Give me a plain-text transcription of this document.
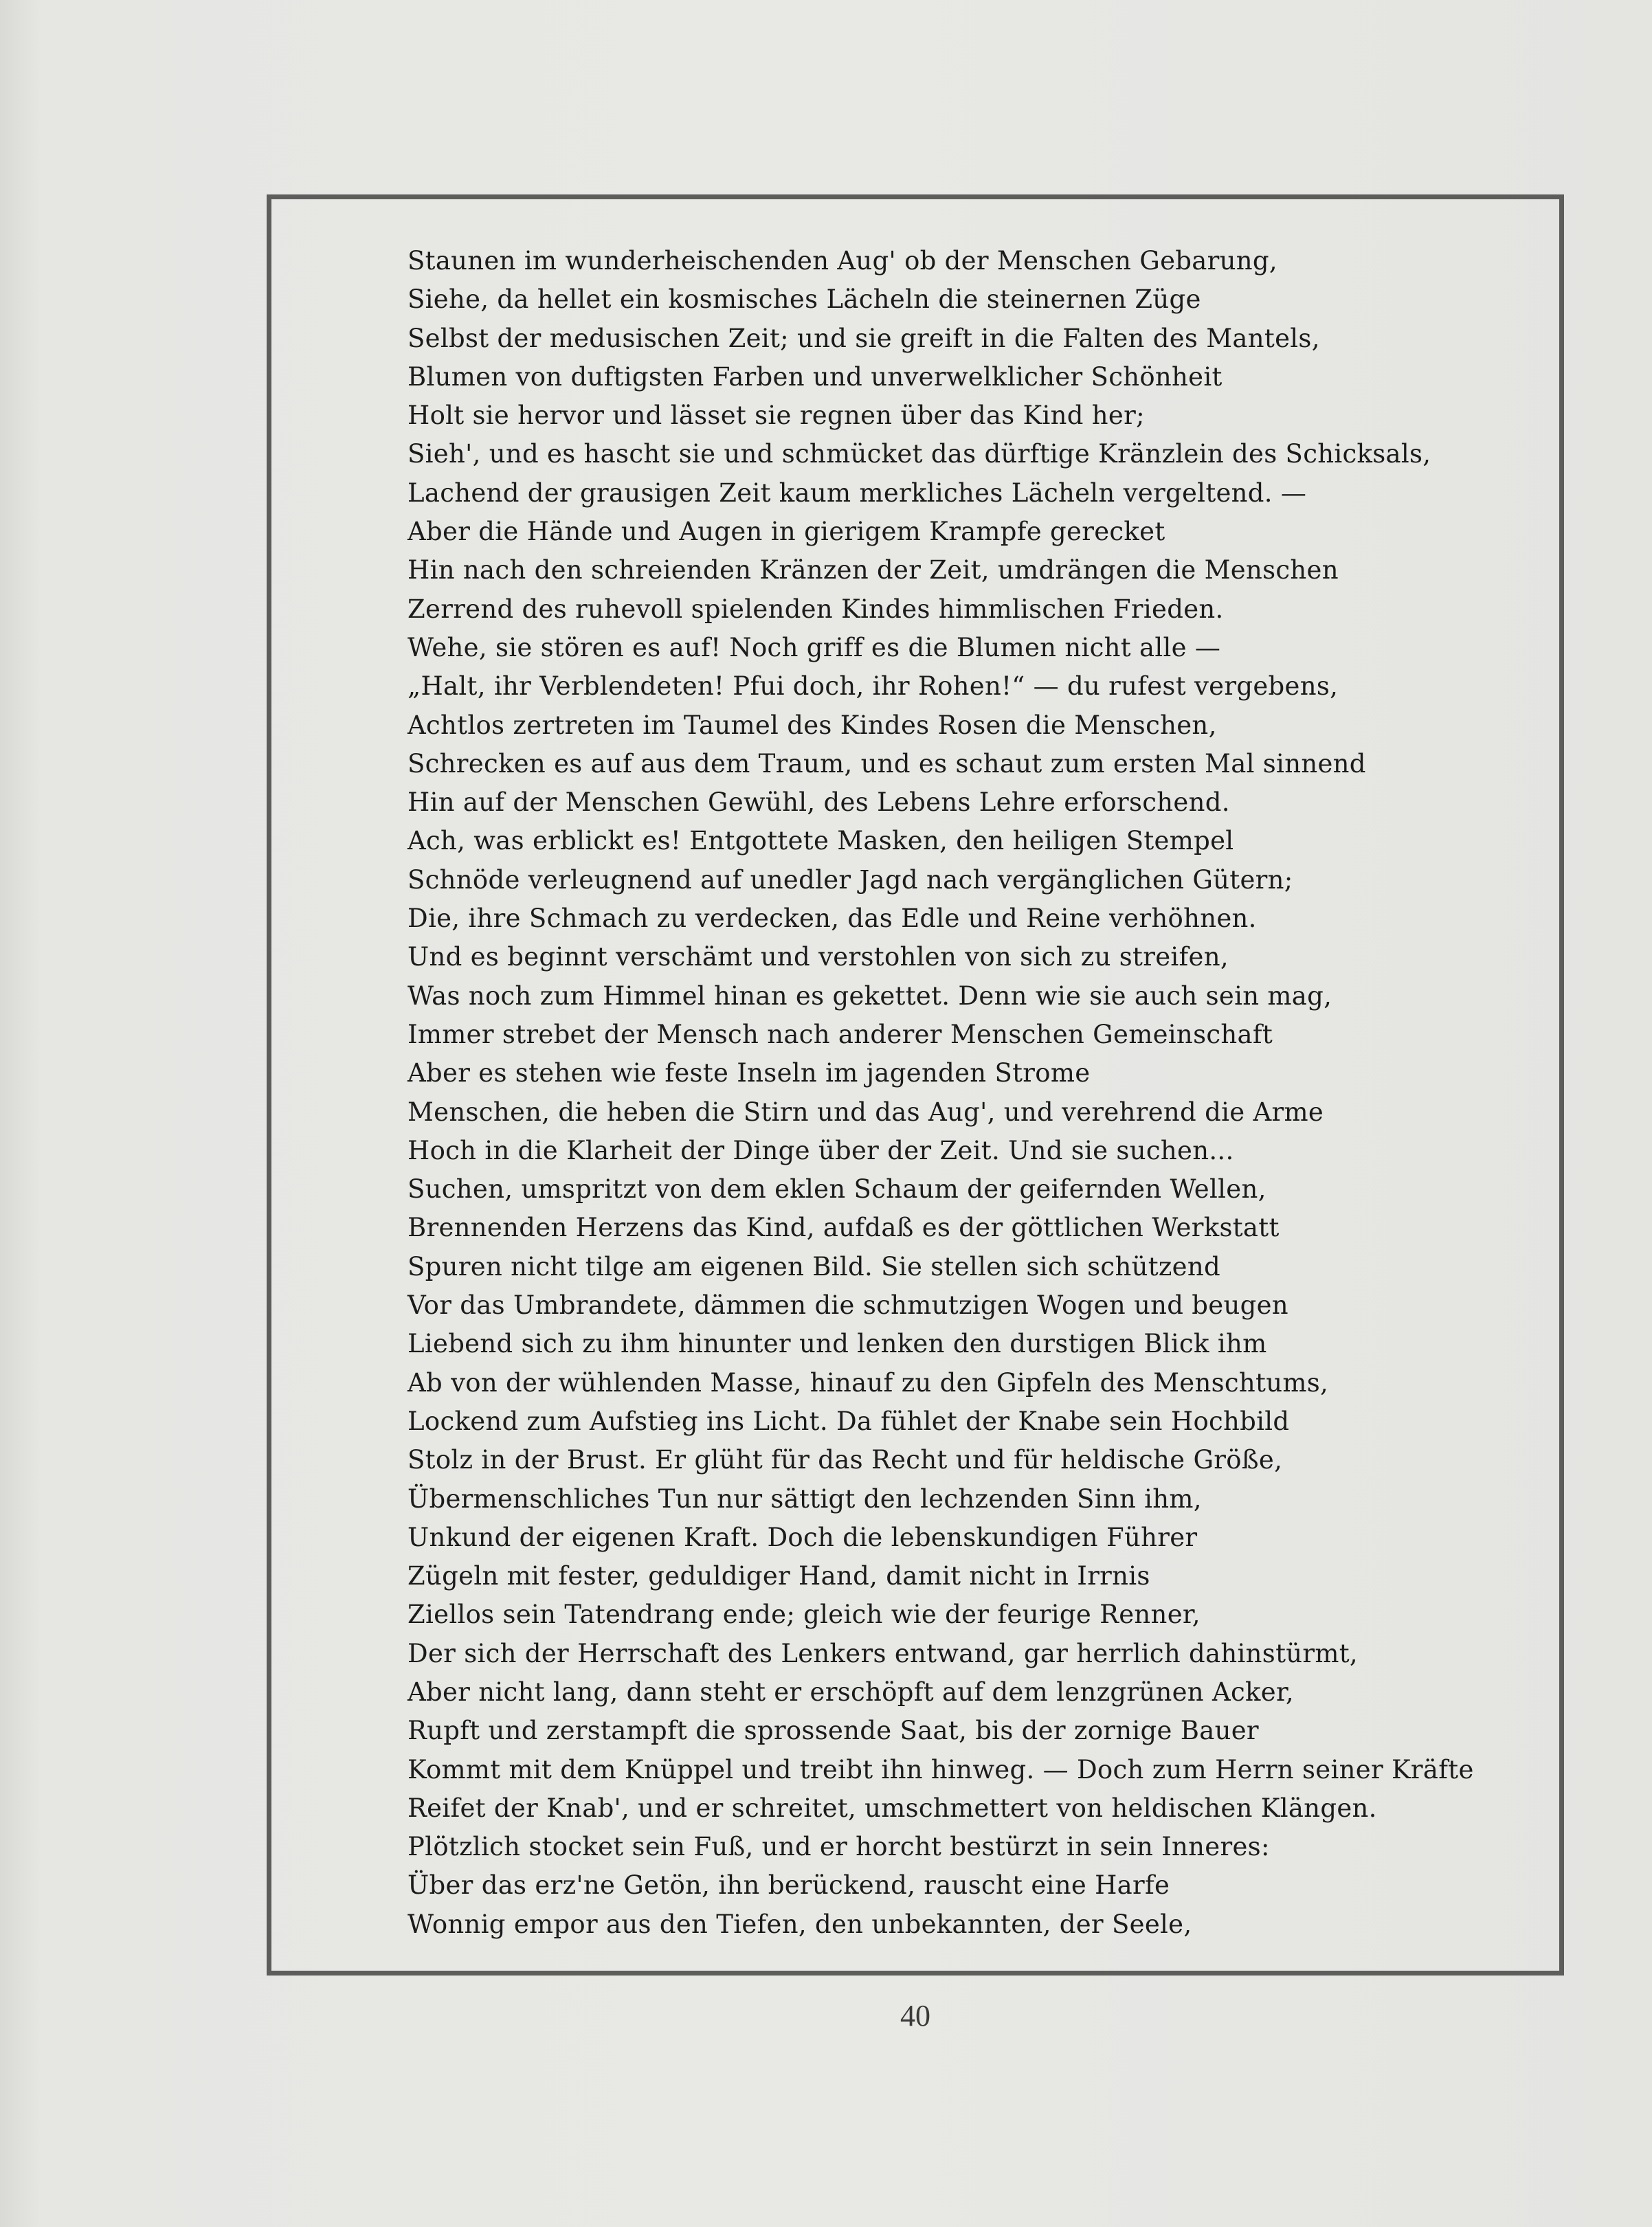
Staunen im wunderheischenden Aug' ob der Menschen Gebarung,
Siehe, da hellet ein kosmisches Lächeln die steinernen Züge
Selbst der medusischen Zeit; und sie greift in die Falten des Mantels,
Blumen von duftigsten Farben und unverwelklicher Schönheit
Holt sie hervor und lässet sie regnen über das Kind her;
Sieh', und es hascht sie und schmücket das dürftige Kränzlein des Schicksals,
Lachend der grausigen Zeit kaum merkliches Lächeln vergeltend. —
Aber die Hände und Augen in gierigem Krampfe gerecket
Hin nach den schreienden Kränzen der Zeit, umdrängen die Menschen
Zerrend des ruhevoll spielenden Kindes himmlischen Frieden.
Wehe, sie stören es auf! Noch griff es die Blumen nicht alle —
„Halt, ihr Verblendeten! Pfui doch, ihr Rohen!“ — du rufest vergebens,
Achtlos zertreten im Taumel des Kindes Rosen die Menschen,
Schrecken es auf aus dem Traum, und es schaut zum ersten Mal sinnend
Hin auf der Menschen Gewühl, des Lebens Lehre erforschend.
Ach, was erblickt es! Entgottete Masken, den heiligen Stempel
Schnöde verleugnend auf unedler Jagd nach vergänglichen Gütern;
Die, ihre Schmach zu verdecken, das Edle und Reine verhöhnen.
Und es beginnt verschämt und verstohlen von sich zu streifen,
Was noch zum Himmel hinan es gekettet. Denn wie sie auch sein mag,
Immer strebet der Mensch nach anderer Menschen Gemeinschaft
Aber es stehen wie feste Inseln im jagenden Strome
Menschen, die heben die Stirn und das Aug', und verehrend die Arme
Hoch in die Klarheit der Dinge über der Zeit. Und sie suchen...
Suchen, umspritzt von dem eklen Schaum der geifernden Wellen,
Brennenden Herzens das Kind, aufdaß es der göttlichen Werkstatt
Spuren nicht tilge am eigenen Bild. Sie stellen sich schützend
Vor das Umbrandete, dämmen die schmutzigen Wogen und beugen
Liebend sich zu ihm hinunter und lenken den durstigen Blick ihm
Ab von der wühlenden Masse, hinauf zu den Gipfeln des Menschtums,
Lockend zum Aufstieg ins Licht. Da fühlet der Knabe sein Hochbild
Stolz in der Brust. Er glüht für das Recht und für heldische Größe,
Übermenschliches Tun nur sättigt den lechzenden Sinn ihm,
Unkund der eigenen Kraft. Doch die lebenskundigen Führer
Zügeln mit fester, geduldiger Hand, damit nicht in Irrnis
Ziellos sein Tatendrang ende; gleich wie der feurige Renner,
Der sich der Herrschaft des Lenkers entwand, gar herrlich dahinstürmt,
Aber nicht lang, dann steht er erschöpft auf dem lenzgrünen Acker,
Rupft und zerstampft die sprossende Saat, bis der zornige Bauer
Kommt mit dem Knüppel und treibt ihn hinweg. — Doch zum Herrn seiner Kräfte
Reifet der Knab', und er schreitet, umschmettert von heldischen Klängen.
Plötzlich stocket sein Fuß, und er horcht bestürzt in sein Inneres:
Über das erz'ne Getön, ihn berückend, rauscht eine Harfe
Wonnig empor aus den Tiefen, den unbekannten, der Seele,
40
